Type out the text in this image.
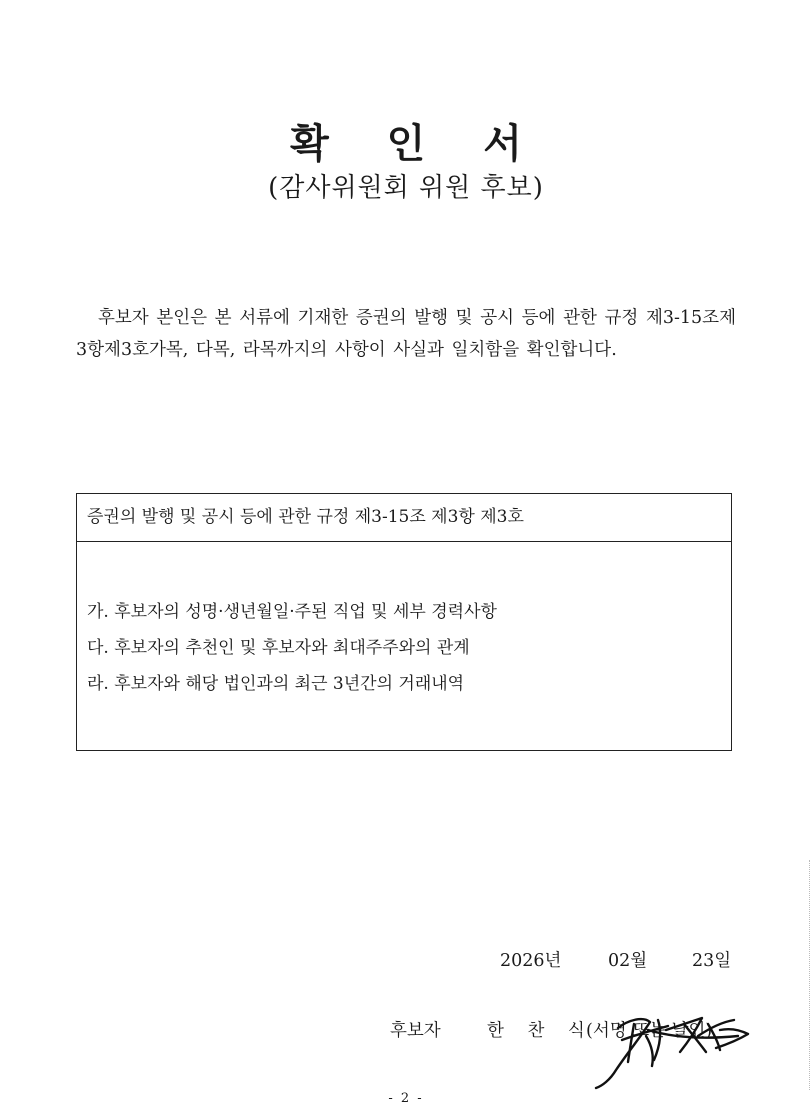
확 인 서
(감사위원회 위원 후보)
후보자 본인은 본 서류에 기재한 증권의 발행 및 공시 등에 관한 규정 제3-15조제3항제3호가목, 다목, 라목까지의 사항이 사실과 일치함을 확인합니다.
증권의 발행 및 공시 등에 관한 규정 제3-15조 제3항 제3호
가. 후보자의 성명·생년월일·주된 직업 및 세부 경력사항
다. 후보자의 추천인 및 후보자와 최대주주와의 관계
라. 후보자와 해당 법인과의 최근 3년간의 거래내역
2026년	02월	23일
후보자	한 찬 식
(서명 또는 날인)
- 2 -
